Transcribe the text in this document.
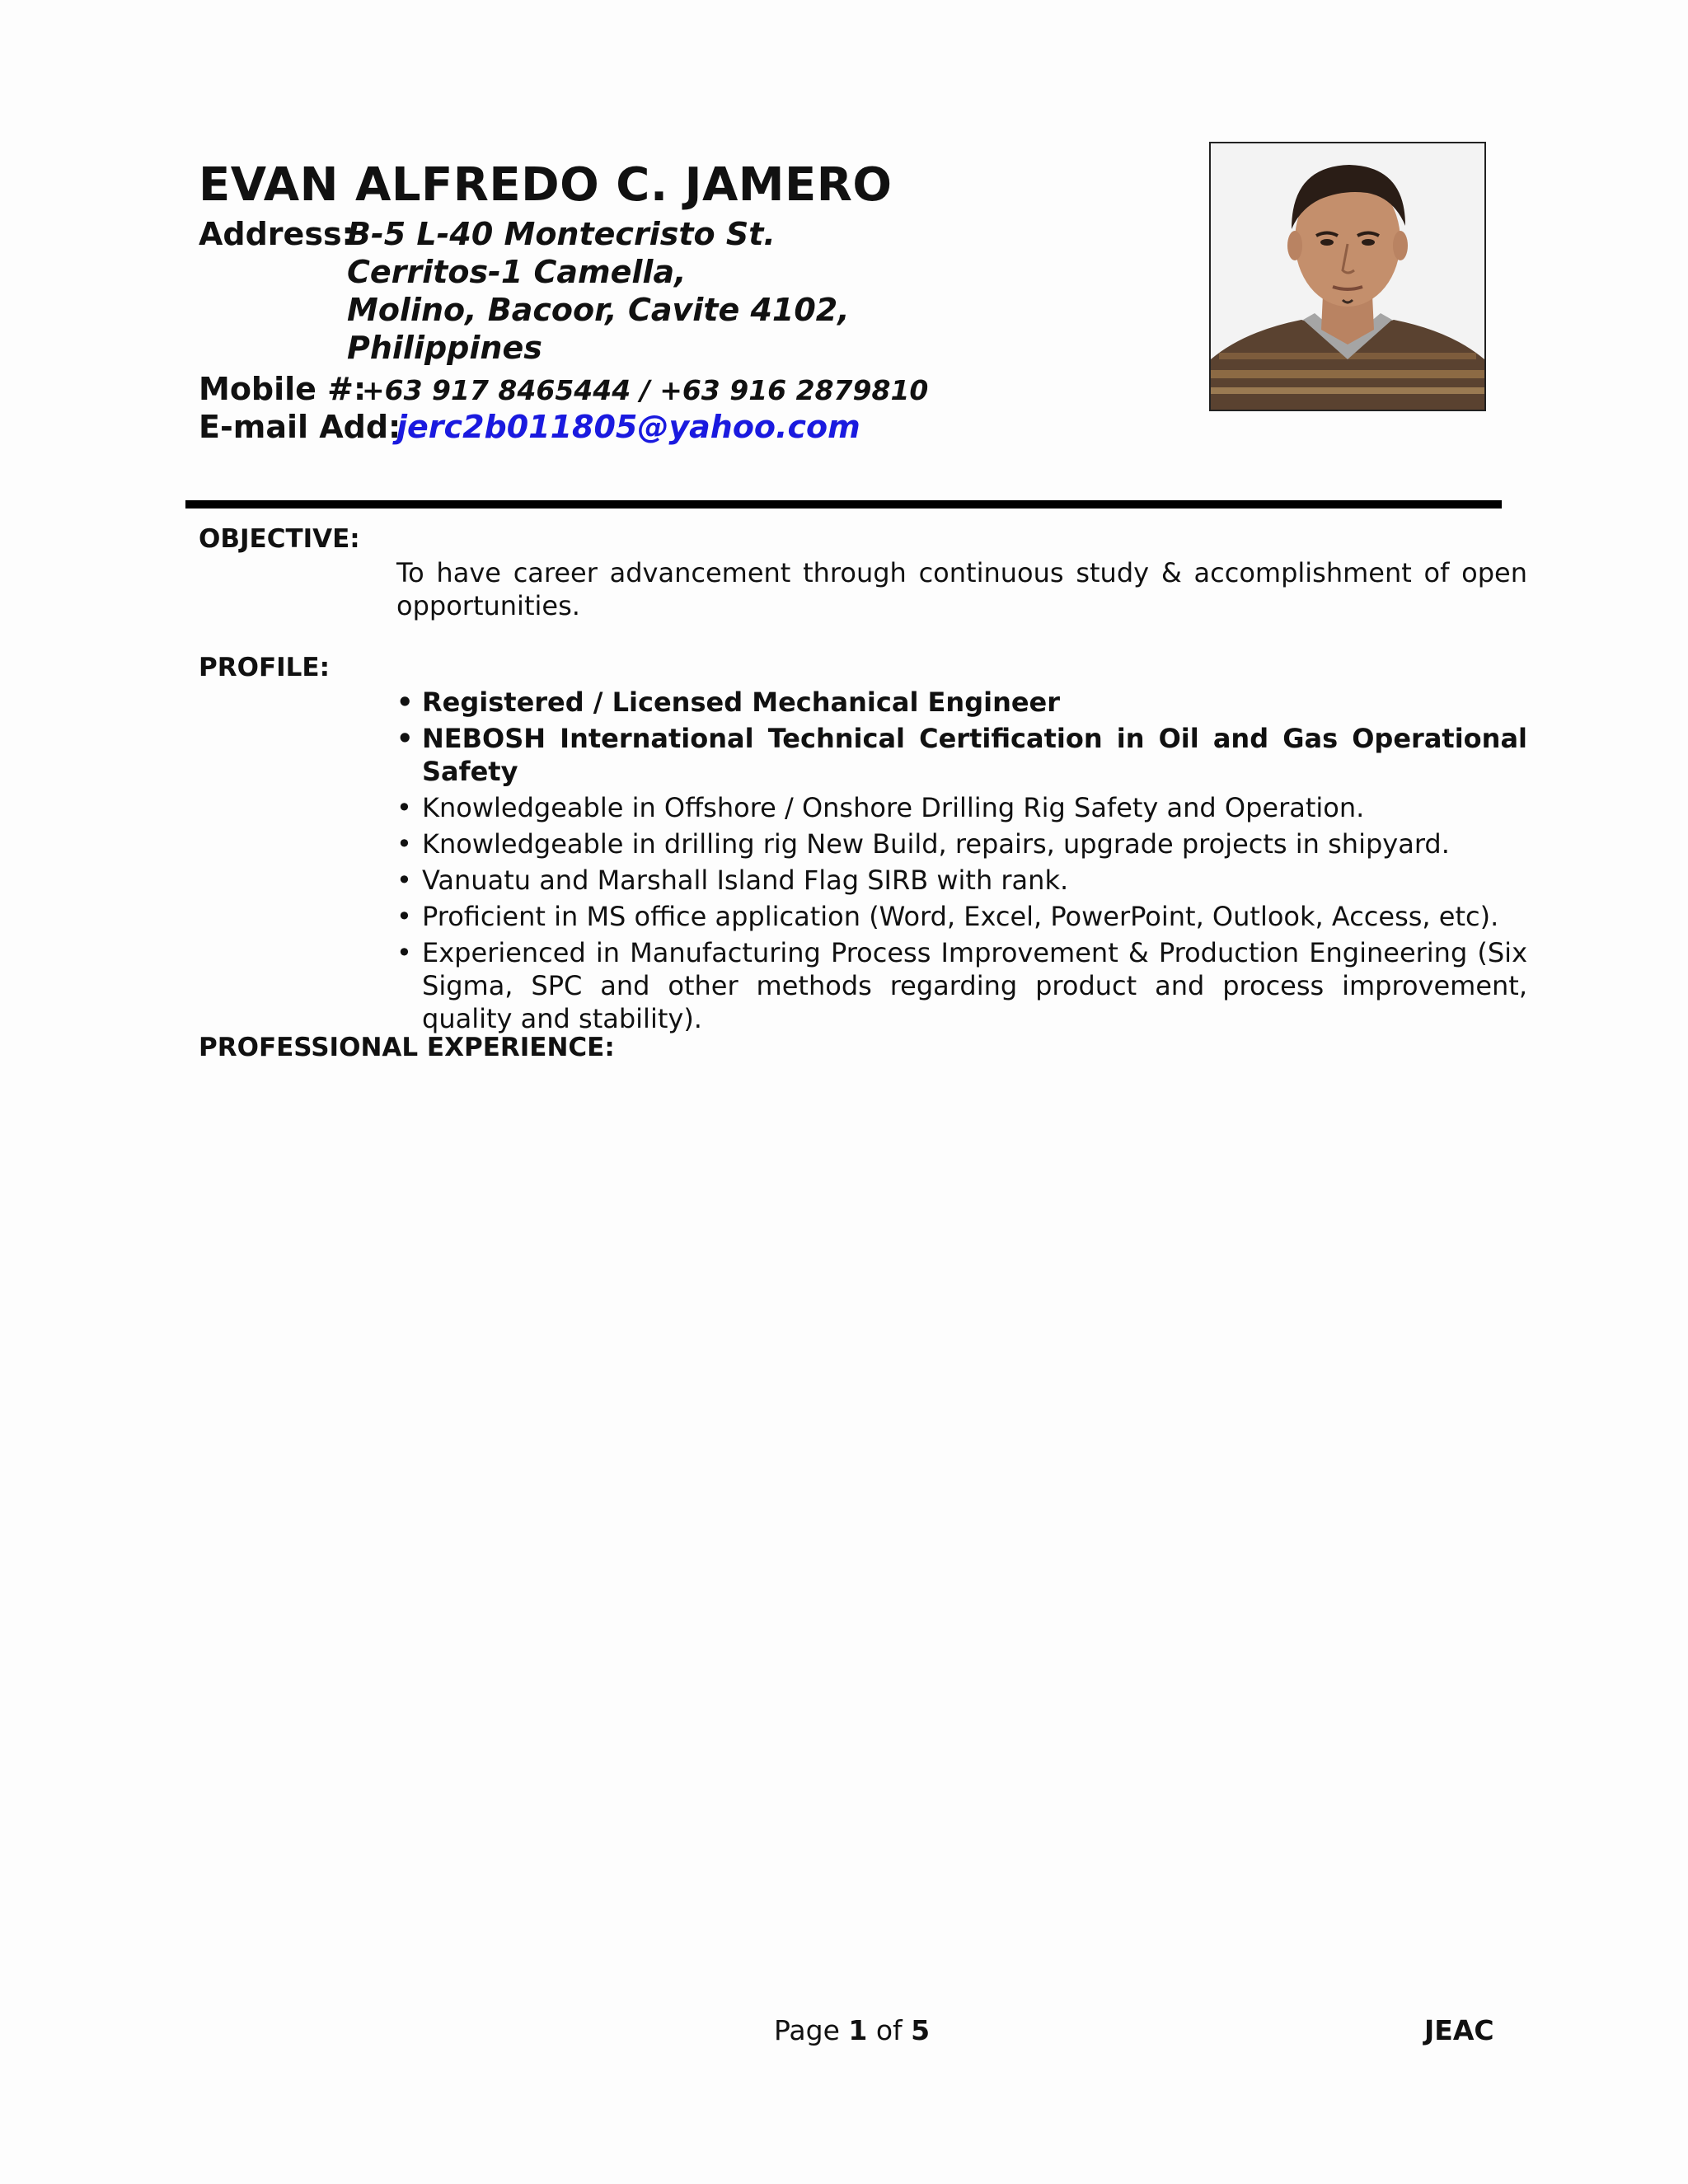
EVAN ALFREDO C. JAMERO
Address:
B-5 L-40 Montecristo St.
Cerritos-1 Camella,
Molino, Bacoor, Cavite 4102,
Philippines
Mobile #:
+63 917 8465444 / +63 916 2879810
E-mail Add:
jerc2b011805@yahoo.com
OBJECTIVE:
To have career advancement through continuous study & accomplishment of open opportunities.
PROFILE:
• Registered / Licensed Mechanical Engineer
• NEBOSH International Technical Certification in Oil and Gas Operational Safety
• Knowledgeable in Offshore / Onshore Drilling Rig Safety and Operation.
• Knowledgeable in drilling rig New Build, repairs, upgrade projects in shipyard.
• Vanuatu and Marshall Island Flag SIRB with rank.
• Proficient in MS office application (Word, Excel, PowerPoint, Outlook, Access, etc).
• Experienced in Manufacturing Process Improvement & Production Engineering (Six Sigma, SPC and other methods regarding product and process improvement, quality and stability).
PROFESSIONAL EXPERIENCE:
Page 1 of 5	JEAC
